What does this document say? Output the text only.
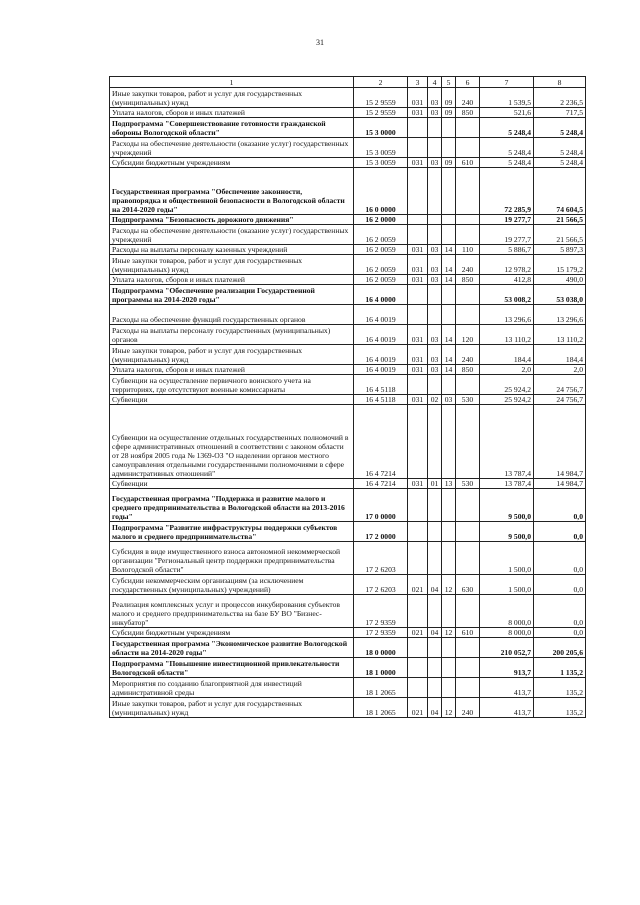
31
1	2	3	4	5	6	7	8
Иные закупки товаров, работ и услуг для государственных (муниципальных) нужд	15 2 9559	031	03	09	240	1 539,5	2 236,5
Уплата налогов, сборов и иных платежей	15 2 9559	031	03	09	850	521,6	717,5
Подпрограмма "Совершенствование готовности гражданской обороны Вологодской области"	15 3 0000					5 248,4	5 248,4
Расходы на обеспечение деятельности (оказание услуг) государственных учреждений	15 3 0059					5 248,4	5 248,4
Субсидии бюджетным учреждениям	15 3 0059	031	03	09	610	5 248,4	5 248,4
Государственная программа "Обеспечение законности, правопорядка и общественной безопасности в Вологодской области на 2014-2020 годы"	16 0 0000					72 285,9	74 604,5
Подпрограмма "Безопасность дорожного движения"	16 2 0000					19 277,7	21 566,5
Расходы на обеспечение деятельности (оказание услуг) государственных учреждений	16 2 0059					19 277,7	21 566,5
Расходы на выплаты персоналу казенных учреждений	16 2 0059	031	03	14	110	5 886,7	5 897,3
Иные закупки товаров, работ и услуг для государственных (муниципальных) нужд	16 2 0059	031	03	14	240	12 978,2	15 179,2
Уплата налогов, сборов и иных платежей	16 2 0059	031	03	14	850	412,8	490,0
Подпрограмма "Обеспечение реализации Государственной программы на 2014-2020 годы"	16 4 0000					53 008,2	53 038,0
Расходы на обеспечение функций государственных органов	16 4 0019					13 296,6	13 296,6
Расходы на выплаты персоналу государственных (муниципальных) органов	16 4 0019	031	03	14	120	13 110,2	13 110,2
Иные закупки товаров, работ и услуг для государственных (муниципальных) нужд	16 4 0019	031	03	14	240	184,4	184,4
Уплата налогов, сборов и иных платежей	16 4 0019	031	03	14	850	2,0	2,0
Субвенции на осуществление первичного воинского учета на территориях, где отсутствуют военные комиссариаты	16 4 5118					25 924,2	24 756,7
Субвенции	16 4 5118	031	02	03	530	25 924,2	24 756,7
Субвенции на осуществление отдельных государственных полномочий в сфере административных отношений в соответствии с законом области от 28 ноября 2005 года № 1369-ОЗ "О наделении органов местного самоуправления отдельными государственными полномочиями в сфере административных отношений"	16 4 7214					13 787,4	14 984,7
Субвенции	16 4 7214	031	01	13	530	13 787,4	14 984,7
Государственная программа "Поддержка и развитие малого и среднего предпринимательства в Вологодской области на 2013-2016 годы"	17 0 0000					9 500,0	0,0
Подпрограмма "Развитие инфраструктуры поддержки субъектов малого и среднего предпринимательства"	17 2 0000					9 500,0	0,0
Субсидия в виде имущественного взноса автономной некоммерческой организации "Региональный центр поддержки предпринимательства Вологодской области"	17 2 6203					1 500,0	0,0
Субсидии некоммерческим организациям (за исключением государственных (муниципальных) учреждений)	17 2 6203	021	04	12	630	1 500,0	0,0
Реализация комплексных услуг и процессов инкубирования субъектов малого и среднего предпринимательства на базе БУ ВО "Бизнес-инкубатор"	17 2 9359					8 000,0	0,0
Субсидии бюджетным учреждениям	17 2 9359	021	04	12	610	8 000,0	0,0
Государственная программа "Экономическое развитие Вологодской области на 2014-2020 годы"	18 0 0000					210 052,7	200 205,6
Подпрограмма "Повышение инвестиционной привлекательности Вологодской области"	18 1 0000					913,7	1 135,2
Мероприятия по созданию благоприятной для инвестиций административной среды	18 1 2065					413,7	135,2
Иные закупки товаров, работ и услуг для государственных (муниципальных) нужд	18 1 2065	021	04	12	240	413,7	135,2
